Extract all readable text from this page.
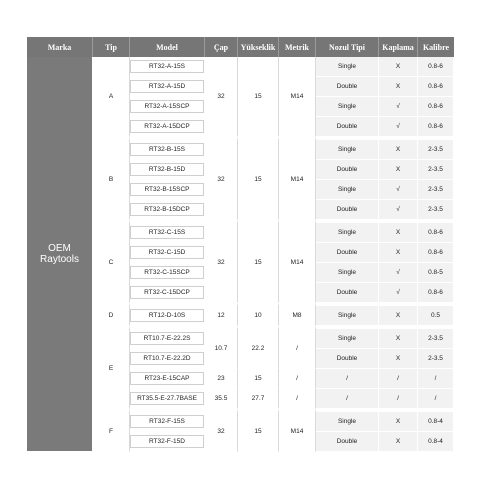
Marka	Tip	Model	Çap	Yükseklik	Metrik	Nozul Tipi	Kaplama	Kalibre
OEM
Raytools	A	RT32-A-15S	32	15	M14	Single	X	0.8-6
		RT32-A-15D				Double	X	0.8-6
		RT32-A-15SCP				Single	√	0.8-6
		RT32-A-15DCP				Double	√	0.8-6
	B	RT32-B-15S	32	15	M14	Single	X	2-3.5
		RT32-B-15D				Double	X	2-3.5
		RT32-B-15SCP				Single	√	2-3.5
		RT32-B-15DCP				Double	√	2-3.5
	C	RT32-C-15S	32	15	M14	Single	X	0.8-6
		RT32-C-15D				Double	X	0.8-6
		RT32-C-15SCP				Single	√	0.8-5
		RT32-C-15DCP				Double	√	0.8-6
	D	RT12-D-10S	12	10	M8	Single	X	0.5
	E	RT10.7-E-22.2S	10.7	22.2	/	Single	X	2-3.5
		RT10.7-E-22.2D				Double	X	2-3.5
		RT23-E-15CAP	23	15	/	/	/	/
		RT35.5-E-27.7BASE	35.5	27.7	/	/	/	/
	F	RT32-F-15S	32	15	M14	Single	X	0.8-4
		RT32-F-15D				Double	X	0.8-4
